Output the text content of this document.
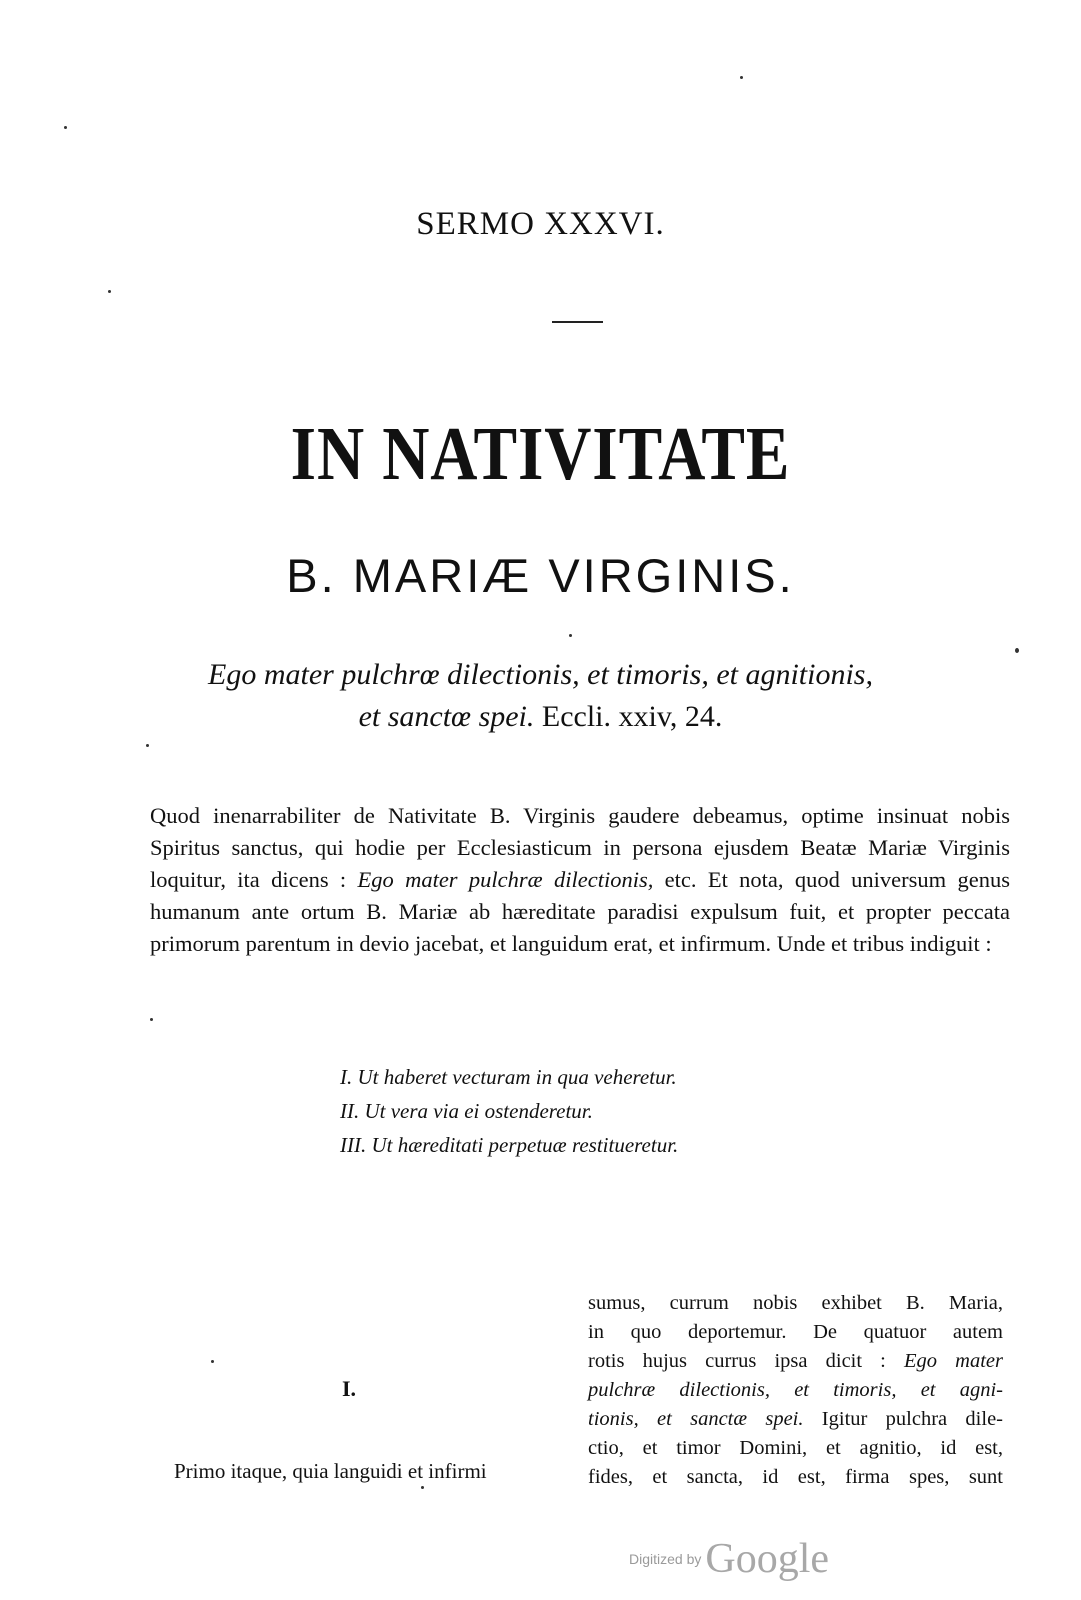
SERMO XXXVI.
IN NATIVITATE
B. MARIÆ VIRGINIS.
Ego mater pulchrœ dilectionis, et timoris, et agnitionis,
et sanctœ spei. Eccli. xxiv, 24.
Quod inenarrabiliter de Nativitate B. Virginis gaudere debeamus, optime insinuat nobis Spiritus sanctus, qui hodie per Ecclesiasticum in persona ejusdem Beatæ Mariæ Virginis loquitur, ita dicens : Ego mater pulchræ dilectionis, etc. Et nota, quod universum genus humanum ante ortum B. Mariæ ab hæreditate paradisi expulsum fuit, et propter peccata primorum parentum in devio jacebat, et languidum erat, et infirmum. Unde et tribus indiguit :
I. Ut haberet vecturam in qua veheretur.
II. Ut vera via ei ostenderetur.
III. Ut hæreditati perpetuæ restitueretur.
I.
Primo itaque, quia languidi et infirmi
sumus, currum nobis exhibet B. Maria,
in quo deportemur. De quatuor autem
rotis hujus currus ipsa dicit : Ego mater
pulchræ dilectionis, et timoris, et agni-
tionis, et sanctæ spei. Igitur pulchra dile-
ctio, et timor Domini, et agnitio, id est,
fides, et sancta, id est, firma spes, sunt
Digitized byGoogle
